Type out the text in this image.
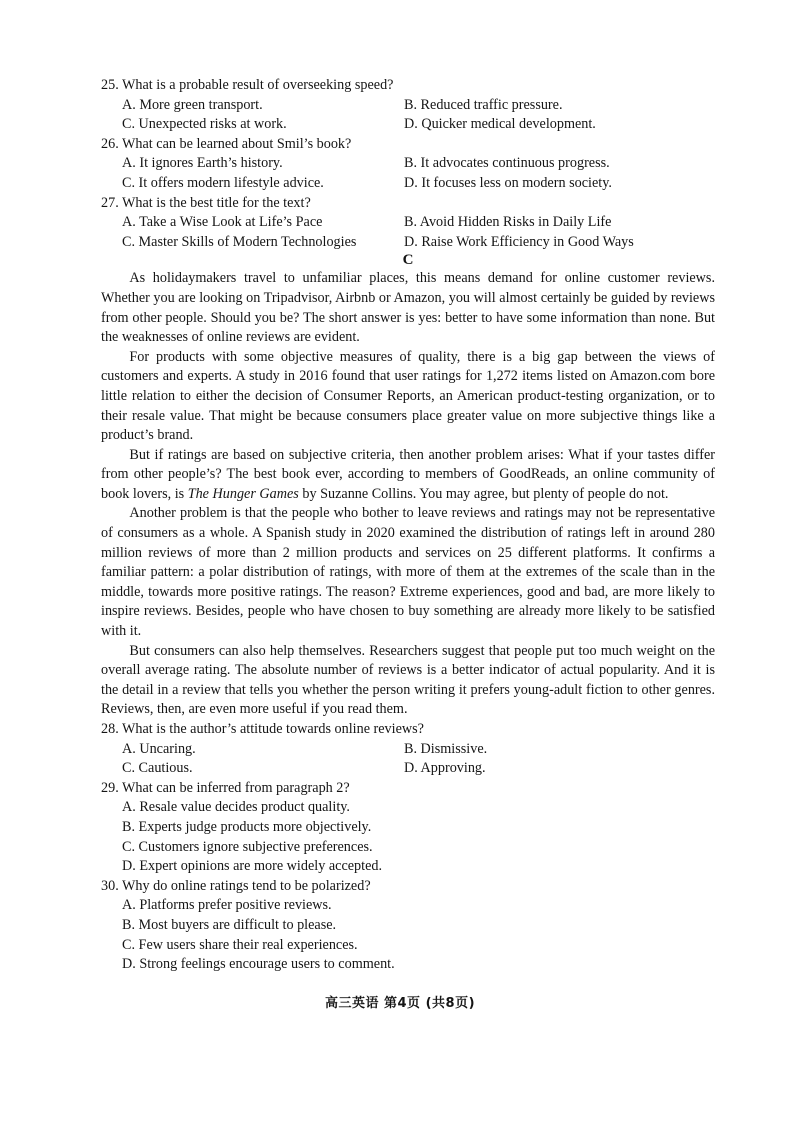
25. What is a probable result of overseeking speed?

A. More green transport.	B. Reduced traffic pressure.
C. Unexpected risks at work.	D. Quicker medical development.

26. What can be learned about Smil’s book?

A. It ignores Earth’s history.	B. It advocates continuous progress.
C. It offers modern lifestyle advice.	D. It focuses less on modern society.

27. What is the best title for the text?

A. Take a Wise Look at Life’s Pace	B. Avoid Hidden Risks in Daily Life
C. Master Skills of Modern Technologies	D. Raise Work Efficiency in Good Ways

C

As holidaymakers travel to unfamiliar places, this means demand for online customer reviews. Whether you are looking on Tripadvisor, Airbnb or Amazon, you will almost certainly be guided by reviews from other people. Should you be? The short answer is yes: better to have some information than none. But the weaknesses of online reviews are evident.

For products with some objective measures of quality, there is a big gap between the views of customers and experts. A study in 2016 found that user ratings for 1,272 items listed on Amazon.com bore little relation to either the decision of Consumer Reports, an American product-testing organization, or to their resale value. That might be because consumers place greater value on more subjective things like a product’s brand.

But if ratings are based on subjective criteria, then another problem arises: What if your tastes differ from other people’s? The best book ever, according to members of GoodReads, an online community of book lovers, is The Hunger Games by Suzanne Collins. You may agree, but plenty of people do not.

Another problem is that the people who bother to leave reviews and ratings may not be representative of consumers as a whole. A Spanish study in 2020 examined the distribution of ratings left in around 280 million reviews of more than 2 million products and services on 25 different platforms. It confirms a familiar pattern: a polar distribution of ratings, with more of them at the extremes of the scale than in the middle, towards more positive ratings. The reason? Extreme experiences, good and bad, are more likely to inspire reviews. Besides, people who have chosen to buy something are already more likely to be satisfied with it.

But consumers can also help themselves. Researchers suggest that people put too much weight on the overall average rating. The absolute number of reviews is a better indicator of actual popularity. And it is the detail in a review that tells you whether the person writing it prefers young-adult fiction to other genres. Reviews, then, are even more useful if you read them.

28. What is the author’s attitude towards online reviews?

A. Uncaring.	B. Dismissive.
C. Cautious.	D. Approving.

29. What can be inferred from paragraph 2?

A. Resale value decides product quality.
B. Experts judge products more objectively.
C. Customers ignore subjective preferences.
D. Expert opinions are more widely accepted.

30. Why do online ratings tend to be polarized?

A. Platforms prefer positive reviews.
B. Most buyers are difficult to please.
C. Few users share their real experiences.
D. Strong feelings encourage users to comment.
高三英语 第4页 (共8页)
